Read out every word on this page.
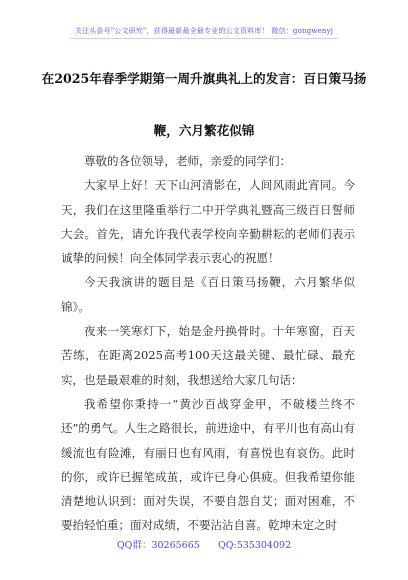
关注头条号"公文研究"，获得最新最全最专业的公文资料库！ 微信：gongwenyj
在2025年春季学期第一周升旗典礼上的发言：百日策马扬
鞭，六月繁花似锦

尊敬的各位领导，老师，亲爱的同学们：

大家早上好！天下山河清影在，人间风雨此宵同。今天，我们在这里隆重举行二中开学典礼暨高三级百日誓师大会。首先，请允许我代表学校向辛勤耕耘的老师们表示诚挚的问候！向全体同学表示衷心的祝愿！

今天我演讲的题目是《百日策马扬鞭，六月繁华似锦》。

夜来一笑寒灯下，始是金丹换骨时。十年寒窗，百天苦练，在距离2025高考100天这最关键、最忙碌、最充实，也是最艰难的时刻，我想送给大家几句话：

我希望你秉持一“黄沙百战穿金甲，不破楼兰终不还”的勇气。人生之路很长，前进途中，有平川也有高山有缓流也有险滩，有丽日也有风雨，有喜悦也有哀伤。此时的你，或许已握笔成茧，或许已身心俱疲。但我希望你能清楚地认识到：面对失误，不要自怨自艾；面对困难，不要抬轻怕重；面对成绩，不要沾沾自喜。乾坤未定之时

QQ群：30265665 QQ:535304092
